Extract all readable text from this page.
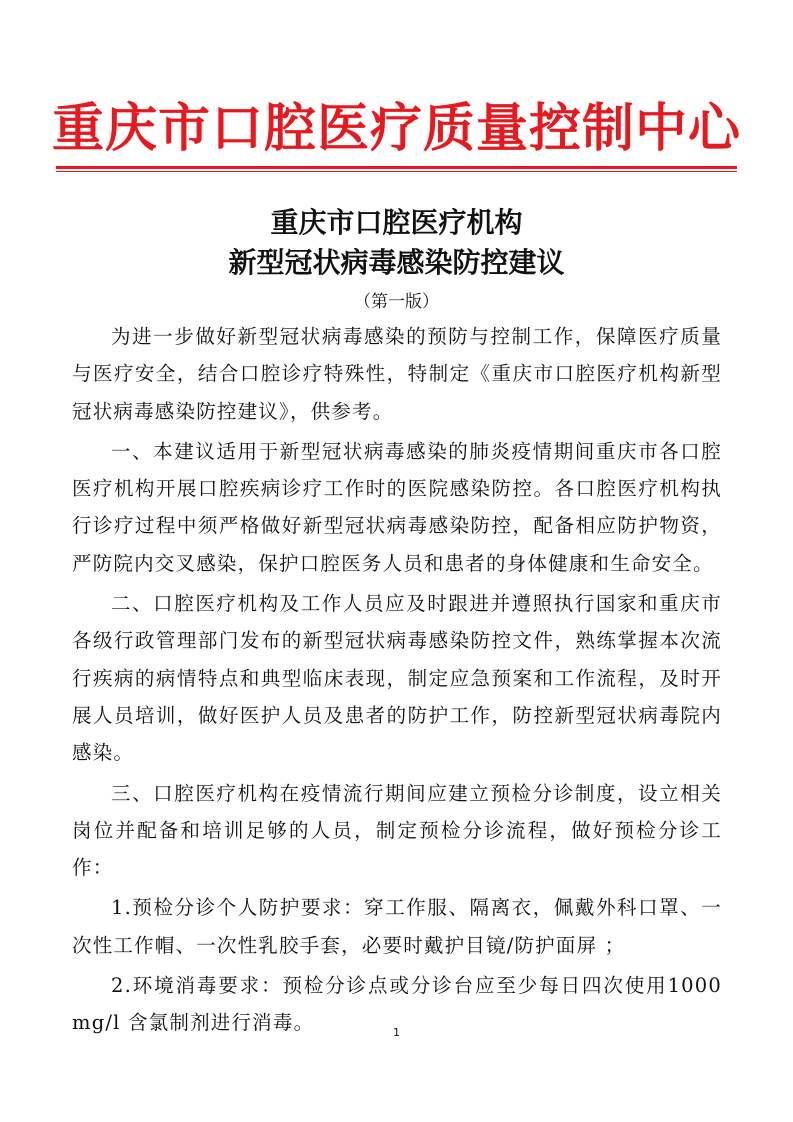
重庆市口腔医疗质量控制中心
重庆市口腔医疗机构
新型冠状病毒感染防控建议
（第一版）

为进一步做好新型冠状病毒感染的预防与控制工作，保障医疗质量与医疗安全，结合口腔诊疗特殊性，特制定《重庆市口腔医疗机构新型冠状病毒感染防控建议》，供参考。

一、本建议适用于新型冠状病毒感染的肺炎疫情期间重庆市各口腔医疗机构开展口腔疾病诊疗工作时的医院感染防控。各口腔医疗机构执行诊疗过程中须严格做好新型冠状病毒感染防控，配备相应防护物资，严防院内交叉感染，保护口腔医务人员和患者的身体健康和生命安全。

二、口腔医疗机构及工作人员应及时跟进并遵照执行国家和重庆市各级行政管理部门发布的新型冠状病毒感染防控文件，熟练掌握本次流行疾病的病情特点和典型临床表现，制定应急预案和工作流程，及时开展人员培训，做好医护人员及患者的防护工作，防控新型冠状病毒院内感染。

三、口腔医疗机构在疫情流行期间应建立预检分诊制度，设立相关岗位并配备和培训足够的人员，制定预检分诊流程，做好预检分诊工作：

1.预检分诊个人防护要求：穿工作服、隔离衣，佩戴外科口罩、一次性工作帽、一次性乳胶手套，必要时戴护目镜/防护面屏 ；

2.环境消毒要求：预检分诊点或分诊台应至少每日四次使用1000mg/l 含氯制剂进行消毒。	1
